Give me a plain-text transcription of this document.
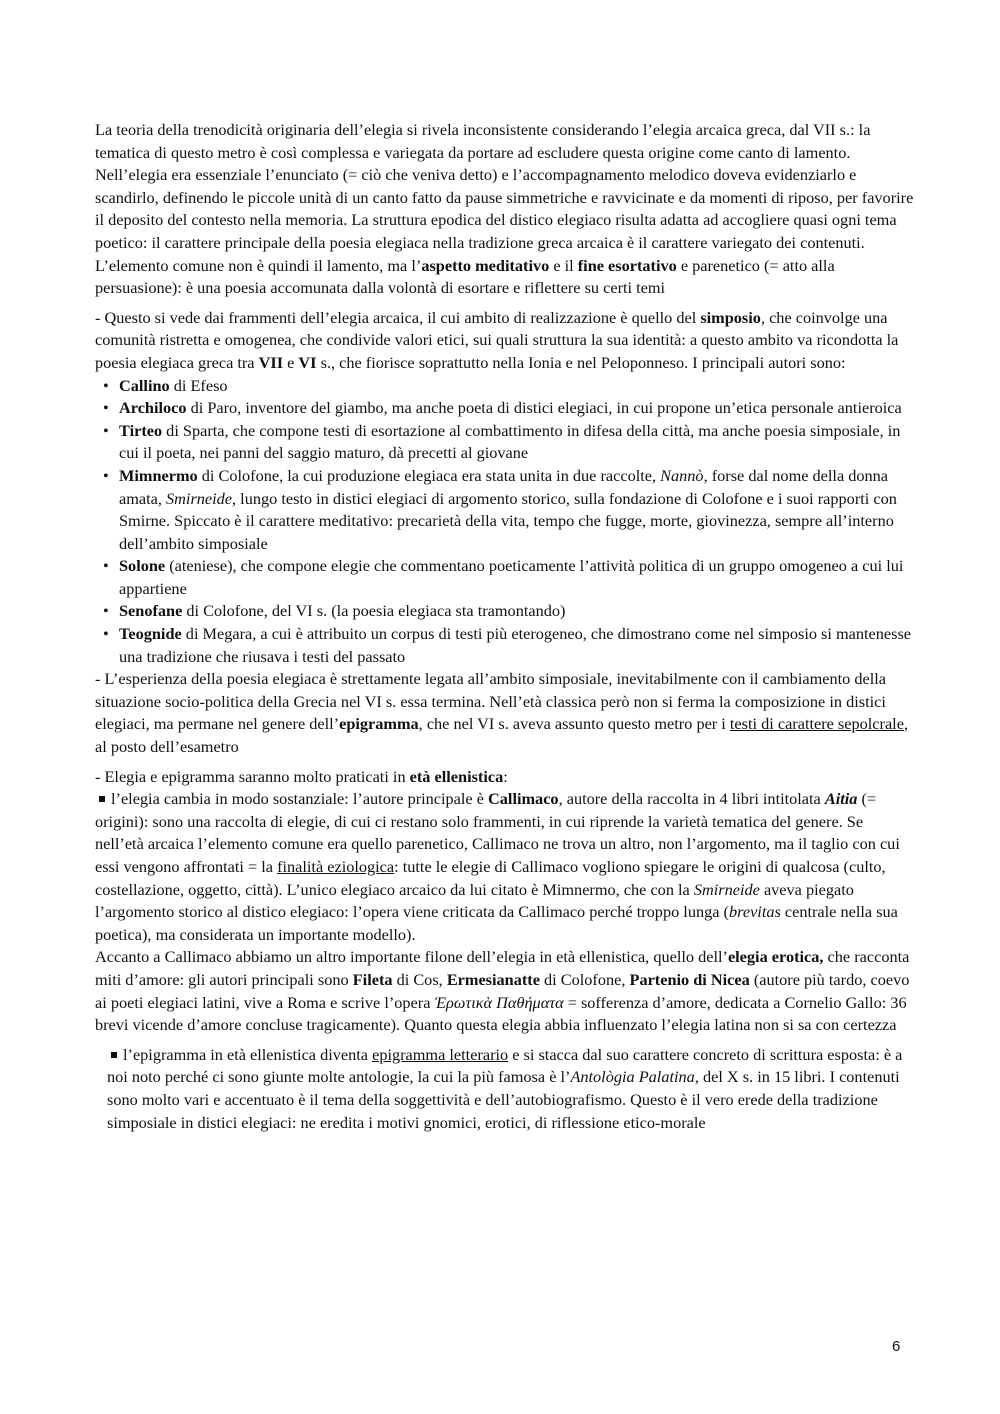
La teoria della trenodicità originaria dell’elegia si rivela inconsistente considerando l’elegia arcaica greca, dal VII s.: la tematica di questo metro è così complessa e variegata da portare ad escludere questa origine come canto di lamento. Nell’elegia era essenziale l’enunciato (= ciò che veniva detto) e l’accompagnamento melodico doveva evidenziarlo e scandirlo, definendo le piccole unità di un canto fatto da pause simmetriche e ravvicinate e da momenti di riposo, per favorire il deposito del contesto nella memoria. La struttura epodica del distico elegiaco risulta adatta ad accogliere quasi ogni tema poetico: il carattere principale della poesia elegiaca nella tradizione greca arcaica è il carattere variegato dei contenuti. L’elemento comune non è quindi il lamento, ma l’aspetto meditativo e il fine esortativo e parenetico (= atto alla persuasione): è una poesia accomunata dalla volontà di esortare e riflettere su certi temi

- Questo si vede dai frammenti dell’elegia arcaica, il cui ambito di realizzazione è quello del simposio, che coinvolge una comunità ristretta e omogenea, che condivide valori etici, sui quali struttura la sua identità: a questo ambito va ricondotta la poesia elegiaca greca tra VII e VI s., che fiorisce soprattutto nella Ionia e nel Peloponneso. I principali autori sono:

• Callino di Efeso
• Archiloco di Paro, inventore del giambo, ma anche poeta di distici elegiaci, in cui propone un’etica personale antieroica
• Tirteo di Sparta, che compone testi di esortazione al combattimento in difesa della città, ma anche poesia simposiale, in cui il poeta, nei panni del saggio maturo, dà precetti al giovane
• Mimnermo di Colofone, la cui produzione elegiaca era stata unita in due raccolte, Nannò, forse dal nome della donna amata, Smirneide, lungo testo in distici elegiaci di argomento storico, sulla fondazione di Colofone e i suoi rapporti con Smirne. Spiccato è il carattere meditativo: precarietà della vita, tempo che fugge, morte, giovinezza, sempre all’interno dell’ambito simposiale
• Solone (ateniese), che compone elegie che commentano poeticamente l’attività politica di un gruppo omogeneo a cui lui appartiene
• Senofane di Colofone, del VI s. (la poesia elegiaca sta tramontando)
• Teognide di Megara, a cui è attribuito un corpus di testi più eterogeneo, che dimostrano come nel simposio si mantenesse una tradizione che riusava i testi del passato

- L’esperienza della poesia elegiaca è strettamente legata all’ambito simposiale, inevitabilmente con il cambiamento della situazione socio-politica della Grecia nel VI s. essa termina. Nell’età classica però non si ferma la composizione in distici elegiaci, ma permane nel genere dell’epigramma, che nel VI s. aveva assunto questo metro per i testi di carattere sepolcrale, al posto dell’esametro

- Elegia e epigramma saranno molto praticati in età ellenistica:

l’elegia cambia in modo sostanziale: l’autore principale è Callimaco, autore della raccolta in 4 libri intitolata Aitia (= origini): sono una raccolta di elegie, di cui ci restano solo frammenti, in cui riprende la varietà tematica del genere. Se nell’età arcaica l’elemento comune era quello parenetico, Callimaco ne trova un altro, non l’argomento, ma il taglio con cui essi vengono affrontati = la finalità eziologica: tutte le elegie di Callimaco vogliono spiegare le origini di qualcosa (culto, costellazione, oggetto, città). L’unico elegiaco arcaico da lui citato è Mimnermo, che con la Smirneide aveva piegato l’argomento storico al distico elegiaco: l’opera viene criticata da Callimaco perché troppo lunga (brevitas centrale nella sua poetica), ma considerata un importante modello).

Accanto a Callimaco abbiamo un altro importante filone dell’elegia in età ellenistica, quello dell’elegia erotica, che racconta miti d’amore: gli autori principali sono Fileta di Cos, Ermesianatte di Colofone, Partenio di Nicea (autore più tardo, coevo ai poeti elegiaci latini, vive a Roma e scrive l’opera Ἐρωτικὰ Παθήματα = sofferenza d’amore, dedicata a Cornelio Gallo: 36 brevi vicende d’amore concluse tragicamente). Quanto questa elegia abbia influenzato l’elegia latina non si sa con certezza

l’epigramma in età ellenistica diventa epigramma letterario e si stacca dal suo carattere concreto di scrittura esposta: è a noi noto perché ci sono giunte molte antologie, la cui la più famosa è l’Antològia Palatina, del X s. in 15 libri. I contenuti sono molto vari e accentuato è il tema della soggettività e dell’autobiografismo. Questo è il vero erede della tradizione simposiale in distici elegiaci: ne eredita i motivi gnomici, erotici, di riflessione etico-morale

6
